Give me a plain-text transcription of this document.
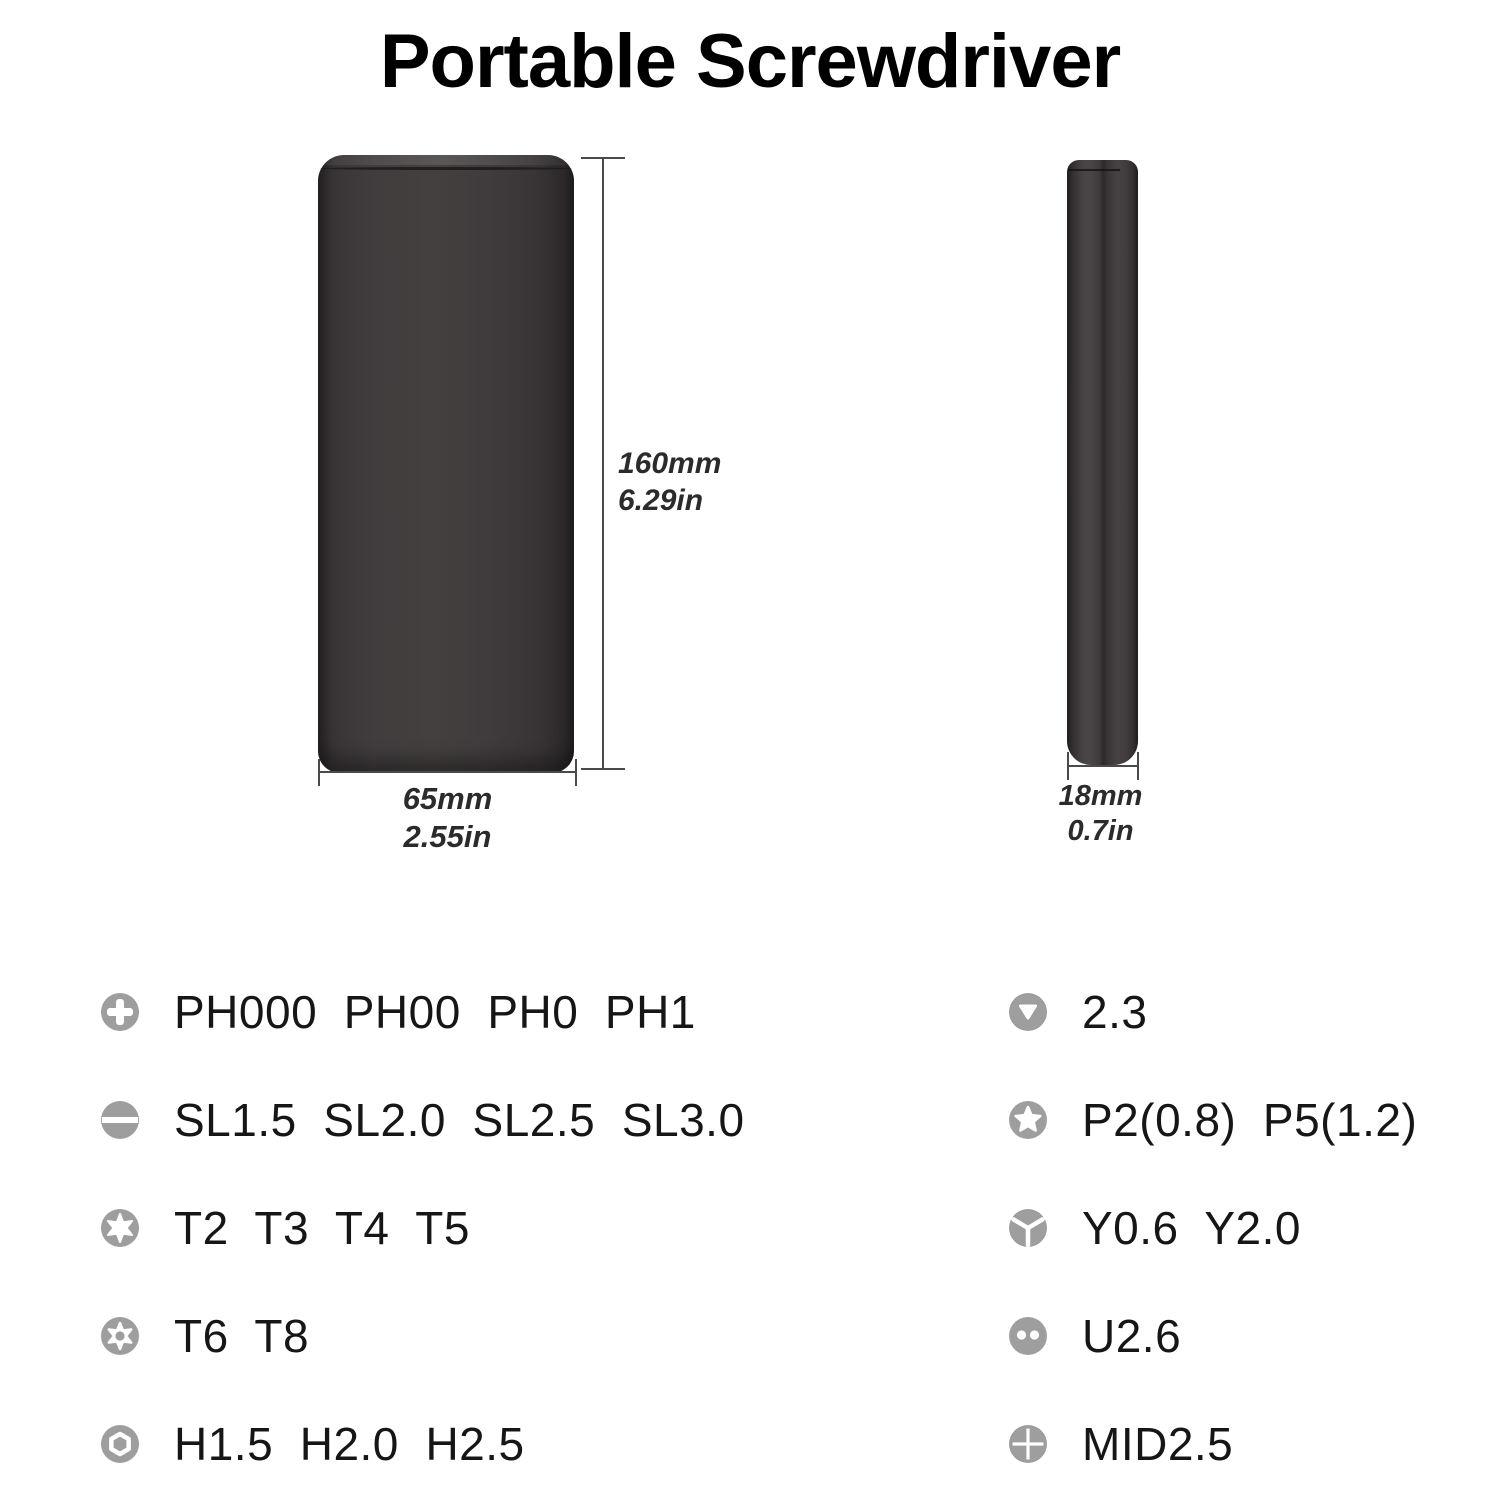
Portable Screwdriver
160mm
6.29in
65mm
2.55in
18mm
0.7in
PH000  PH00  PH0  PH1
SL1.5  SL2.0  SL2.5  SL3.0
T2  T3  T4  T5
T6  T8
H1.5  H2.0  H2.5
2.3
P2(0.8)  P5(1.2)
Y0.6  Y2.0
U2.6
MID2.5
